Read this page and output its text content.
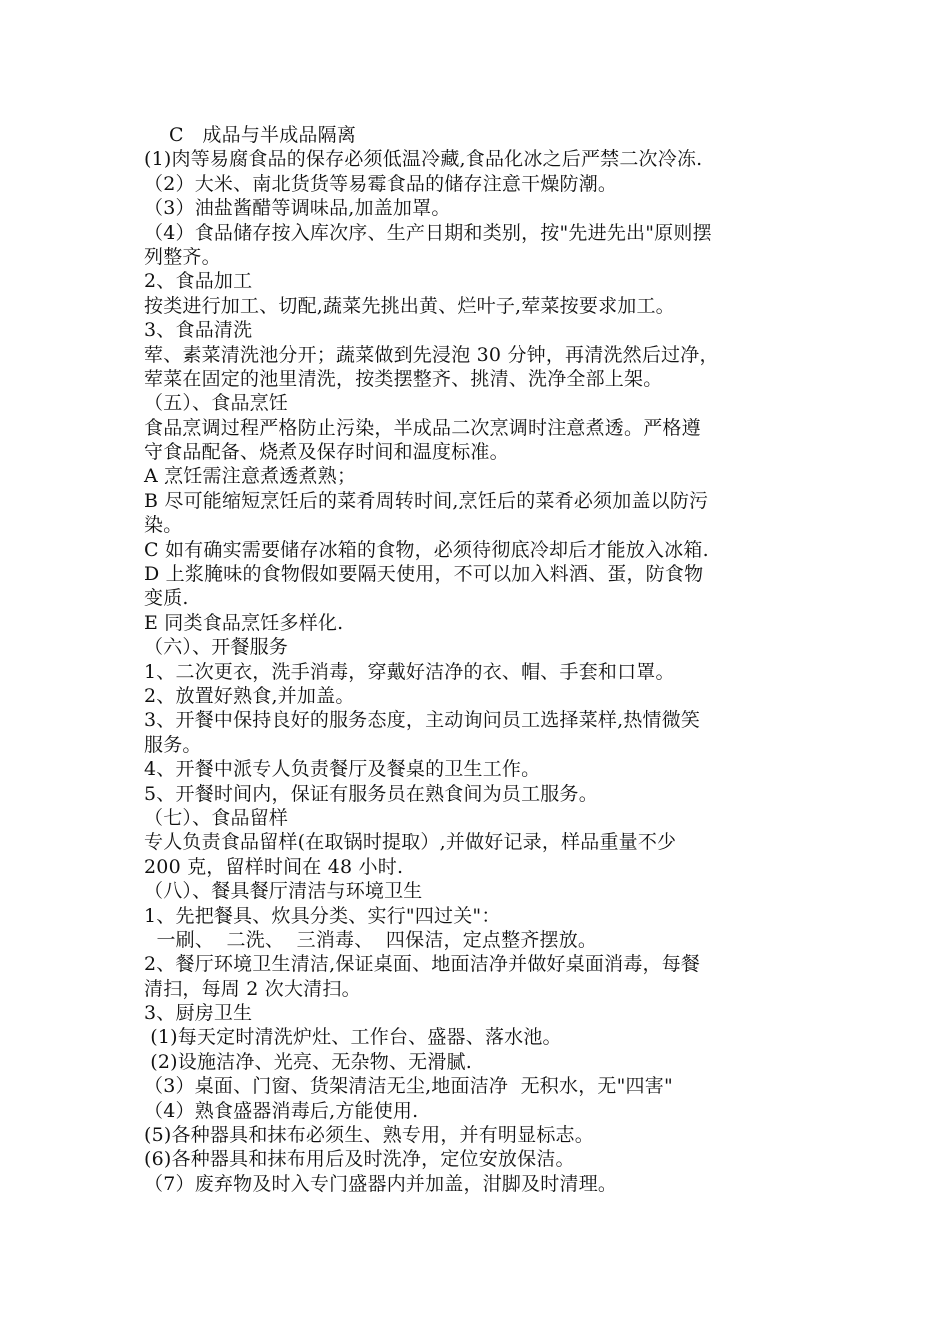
C   成品与半成品隔离
(1)肉等易腐食品的保存必须低温冷藏,食品化冰之后严禁二次冷冻.
（2）大米、南北货货等易霉食品的储存注意干燥防潮。
（3）油盐酱醋等调味品,加盖加罩。
（4）食品储存按入库次序、生产日期和类别，按"先进先出"原则摆
列整齐。
2、食品加工
按类进行加工、切配,蔬菜先挑出黄、烂叶子,荤菜按要求加工。
3、食品清洗
荤、素菜清洗池分开；蔬菜做到先浸泡 30 分钟，再清洗然后过净，
荤菜在固定的池里清洗，按类摆整齐、挑清、洗净全部上架。
（五）、食品烹饪
食品烹调过程严格防止污染，半成品二次烹调时注意煮透。严格遵
守食品配备、烧煮及保存时间和温度标准。
A 烹饪需注意煮透煮熟；
B 尽可能缩短烹饪后的菜肴周转时间,烹饪后的菜肴必须加盖以防污
染。
C 如有确实需要储存冰箱的食物，必须待彻底冷却后才能放入冰箱.
D 上浆腌味的食物假如要隔天使用，不可以加入料酒、蛋，防食物
变质.
E 同类食品烹饪多样化.
（六）、开餐服务
1、二次更衣，洗手消毒，穿戴好洁净的衣、帽、手套和口罩。
2、放置好熟食,并加盖。
3、开餐中保持良好的服务态度，主动询问员工选择菜样,热情微笑
服务。
4、开餐中派专人负责餐厅及餐桌的卫生工作。
5、开餐时间内，保证有服务员在熟食间为员工服务。
（七）、食品留样
专人负责食品留样(在取锅时提取）,并做好记录，样品重量不少
200 克，留样时间在 48 小时.
（八）、餐具餐厅清洁与环境卫生
1、先把餐具、炊具分类、实行"四过关"：
一刷、  二洗、  三消毒、  四保洁，定点整齐摆放。
2、餐厅环境卫生清洁,保证桌面、地面洁净并做好桌面消毒，每餐
清扫，每周 2 次大清扫。
3、厨房卫生
(1)每天定时清洗炉灶、工作台、盛器、落水池。
(2)设施洁净、光亮、无杂物、无滑腻.
（3）桌面、门窗、货架清洁无尘,地面洁净  无积水，无"四害"
（4）熟食盛器消毒后,方能使用.
(5)各种器具和抹布必须生、熟专用，并有明显标志。
(6)各种器具和抹布用后及时洗净，定位安放保洁。
（7）废弃物及时入专门盛器内并加盖，泔脚及时清理。
